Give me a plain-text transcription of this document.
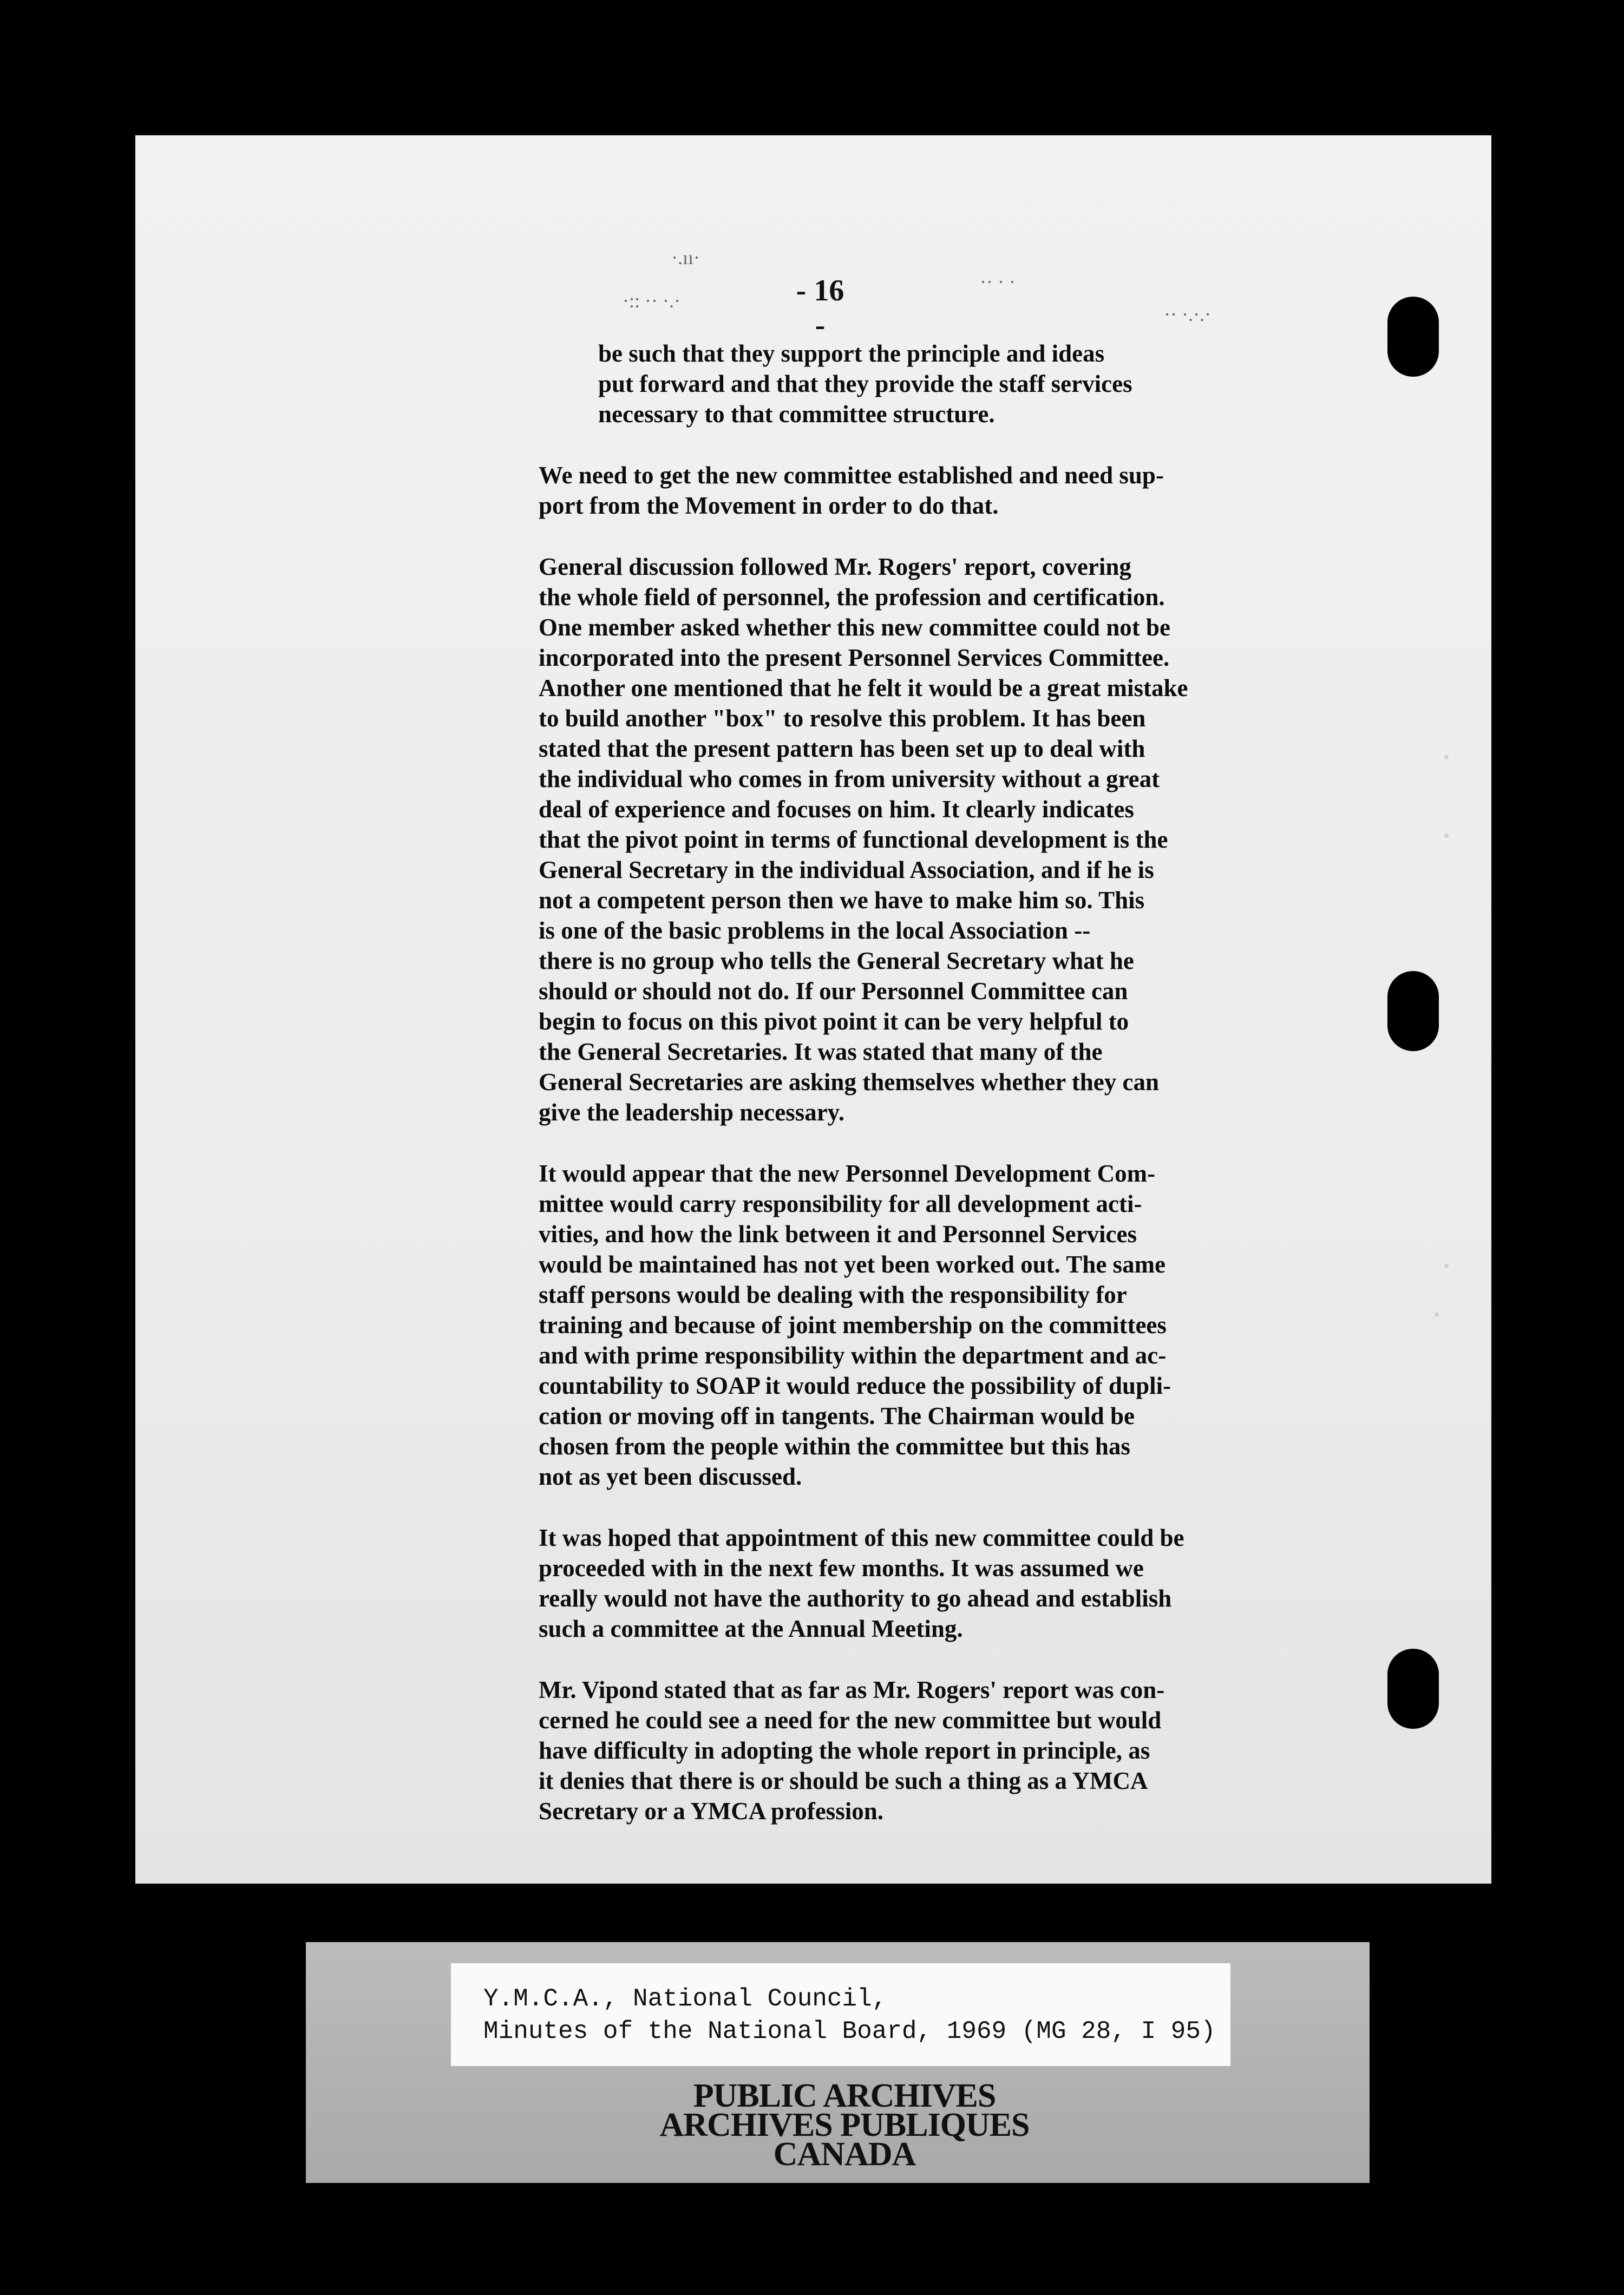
·.ıı·
·:: ·· ·.·
·· · ·
·· ·.·.·
- 16 -

be such that they support the principle and ideas
put forward and that they provide the staff services
necessary to that committee structure.

We need to get the new committee established and need sup-
port from the Movement in order to do that.

General discussion followed Mr. Rogers' report, covering
the whole field of personnel, the profession and certification.
One member asked whether this new committee could not be
incorporated into the present Personnel Services Committee.
Another one mentioned that he felt it would be a great mistake
to build another "box" to resolve this problem. It has been
stated that the present pattern has been set up to deal with
the individual who comes in from university without a great
deal of experience and focuses on him. It clearly indicates
that the pivot point in terms of functional development is the
General Secretary in the individual Association, and if he is
not a competent person then we have to make him so. This
is one of the basic problems in the local Association --
there is no group who tells the General Secretary what he
should or should not do. If our Personnel Committee can
begin to focus on this pivot point it can be very helpful to
the General Secretaries. It was stated that many of the
General Secretaries are asking themselves whether they can
give the leadership necessary.

It would appear that the new Personnel Development Com-
mittee would carry responsibility for all development acti-
vities, and how the link between it and Personnel Services
would be maintained has not yet been worked out. The same
staff persons would be dealing with the responsibility for
training and because of joint membership on the committees
and with prime responsibility within the department and ac-
countability to SOAP it would reduce the possibility of dupli-
cation or moving off in tangents. The Chairman would be
chosen from the people within the committee but this has
not as yet been discussed.

It was hoped that appointment of this new committee could be
proceeded with in the next few months. It was assumed we
really would not have the authority to go ahead and establish
such a committee at the Annual Meeting.

Mr. Vipond stated that as far as Mr. Rogers' report was con-
cerned he could see a need for the new committee but would
have difficulty in adopting the whole report in principle, as
it denies that there is or should be such a thing as a YMCA
Secretary or a YMCA profession.

Y.M.C.A., National Council,
Minutes of the National Board, 1969 (MG 28, I 95)
PUBLIC ARCHIVES
ARCHIVES PUBLIQUES
CANADA
